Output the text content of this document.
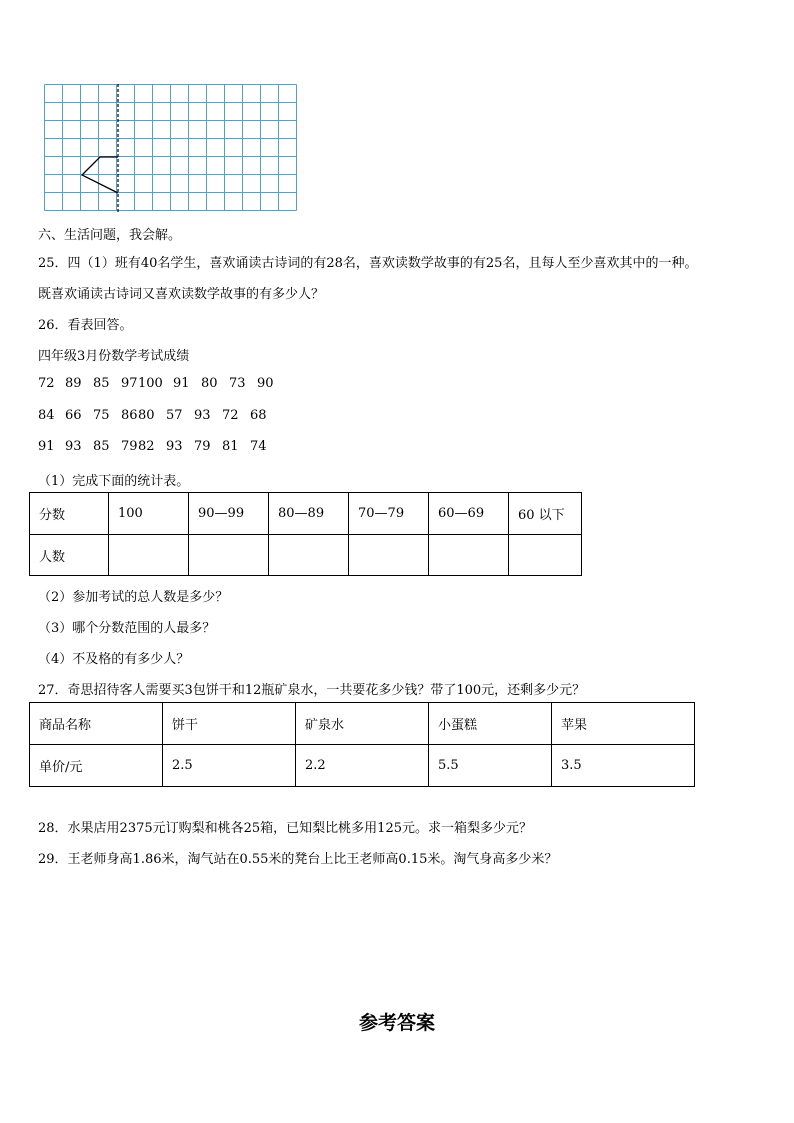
六、生活问题，我会解。
25．四（1）班有40名学生，喜欢诵读古诗词的有28名，喜欢读数学故事的有25名，且每人至少喜欢其中的一种。
既喜欢诵读古诗词又喜欢读数学故事的有多少人？
26．看表回答。
四年级3月份数学考试成绩
72 89 85 97 100 91 80 73 90
84 66 75 86 80 57 93 72 68
91 93 85 79 82 93 79 81 74
（1）完成下面的统计表。
分数	100	90—99	80—89	70—79	60—69	60 以下
人数						
（2）参加考试的总人数是多少？
（3）哪个分数范围的人最多？
（4）不及格的有多少人？
27．奇思招待客人需要买3包饼干和12瓶矿泉水，一共要花多少钱？带了100元，还剩多少元？
商品名称	饼干	矿泉水	小蛋糕	苹果
单价/元	2.5	2.2	5.5	3.5
28．水果店用2375元订购梨和桃各25箱，已知梨比桃多用125元。求一箱梨多少元？
29．王老师身高1.86米，淘气站在0.55米的凳台上比王老师高0.15米。淘气身高多少米？
参考答案
